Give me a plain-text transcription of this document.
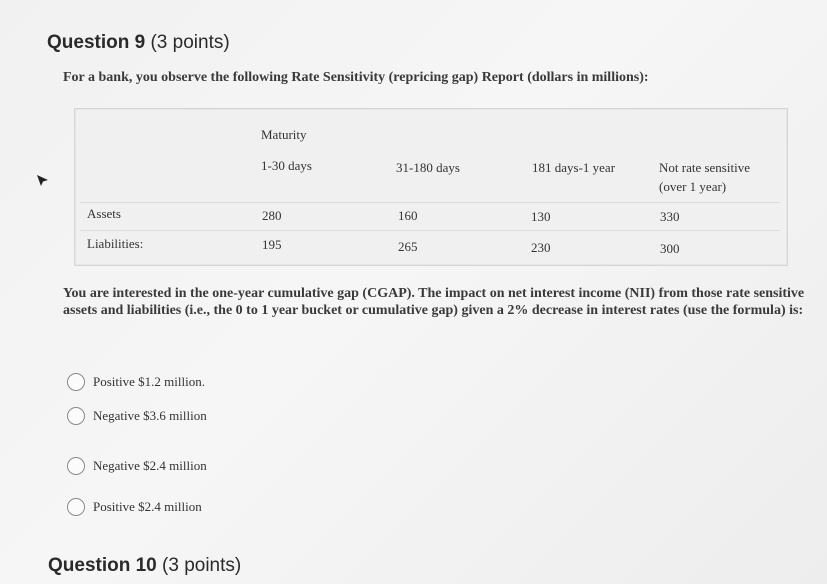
Question 9 (3 points)
For a bank, you observe the following Rate Sensitivity (repricing gap) Report (dollars in millions):
Maturity
1-30 days	31-180 days	181 days-1 year	Not rate sensitive
(over 1 year)
Assets	280	160	130	330
Liabilities:	195	265	230	300
You are interested in the one-year cumulative gap (CGAP). The impact on net interest income (NII) from those rate sensitive assets and liabilities (i.e., the 0 to 1 year bucket or cumulative gap) given a 2% decrease in interest rates (use the formula) is:
Positive $1.2 million.
Negative $3.6 million
Negative $2.4 million
Positive $2.4 million
Question 10 (3 points)
